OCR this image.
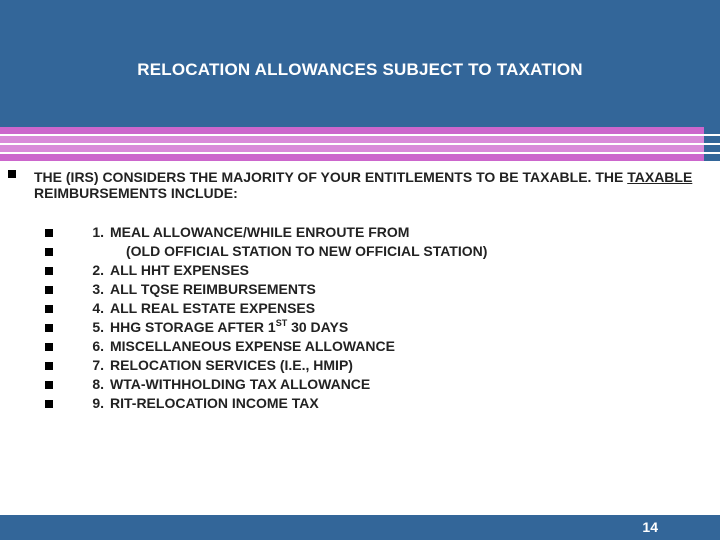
RELOCATION ALLOWANCES SUBJECT TO TAXATION
THE (IRS) CONSIDERS THE MAJORITY OF YOUR ENTITLEMENTS TO BE TAXABLE. THE TAXABLE REIMBURSEMENTS INCLUDE:
1. MEAL ALLOWANCE/WHILE ENROUTE FROM
(OLD OFFICIAL STATION TO NEW OFFICIAL STATION)
2. ALL HHT EXPENSES
3. ALL TQSE REIMBURSEMENTS
4. ALL REAL ESTATE EXPENSES
5. HHG STORAGE AFTER 1ST 30 DAYS
6. MISCELLANEOUS EXPENSE ALLOWANCE
7. RELOCATION SERVICES (I.E., HMIP)
8. WTA-WITHHOLDING TAX ALLOWANCE
9. RIT-RELOCATION INCOME TAX
14
